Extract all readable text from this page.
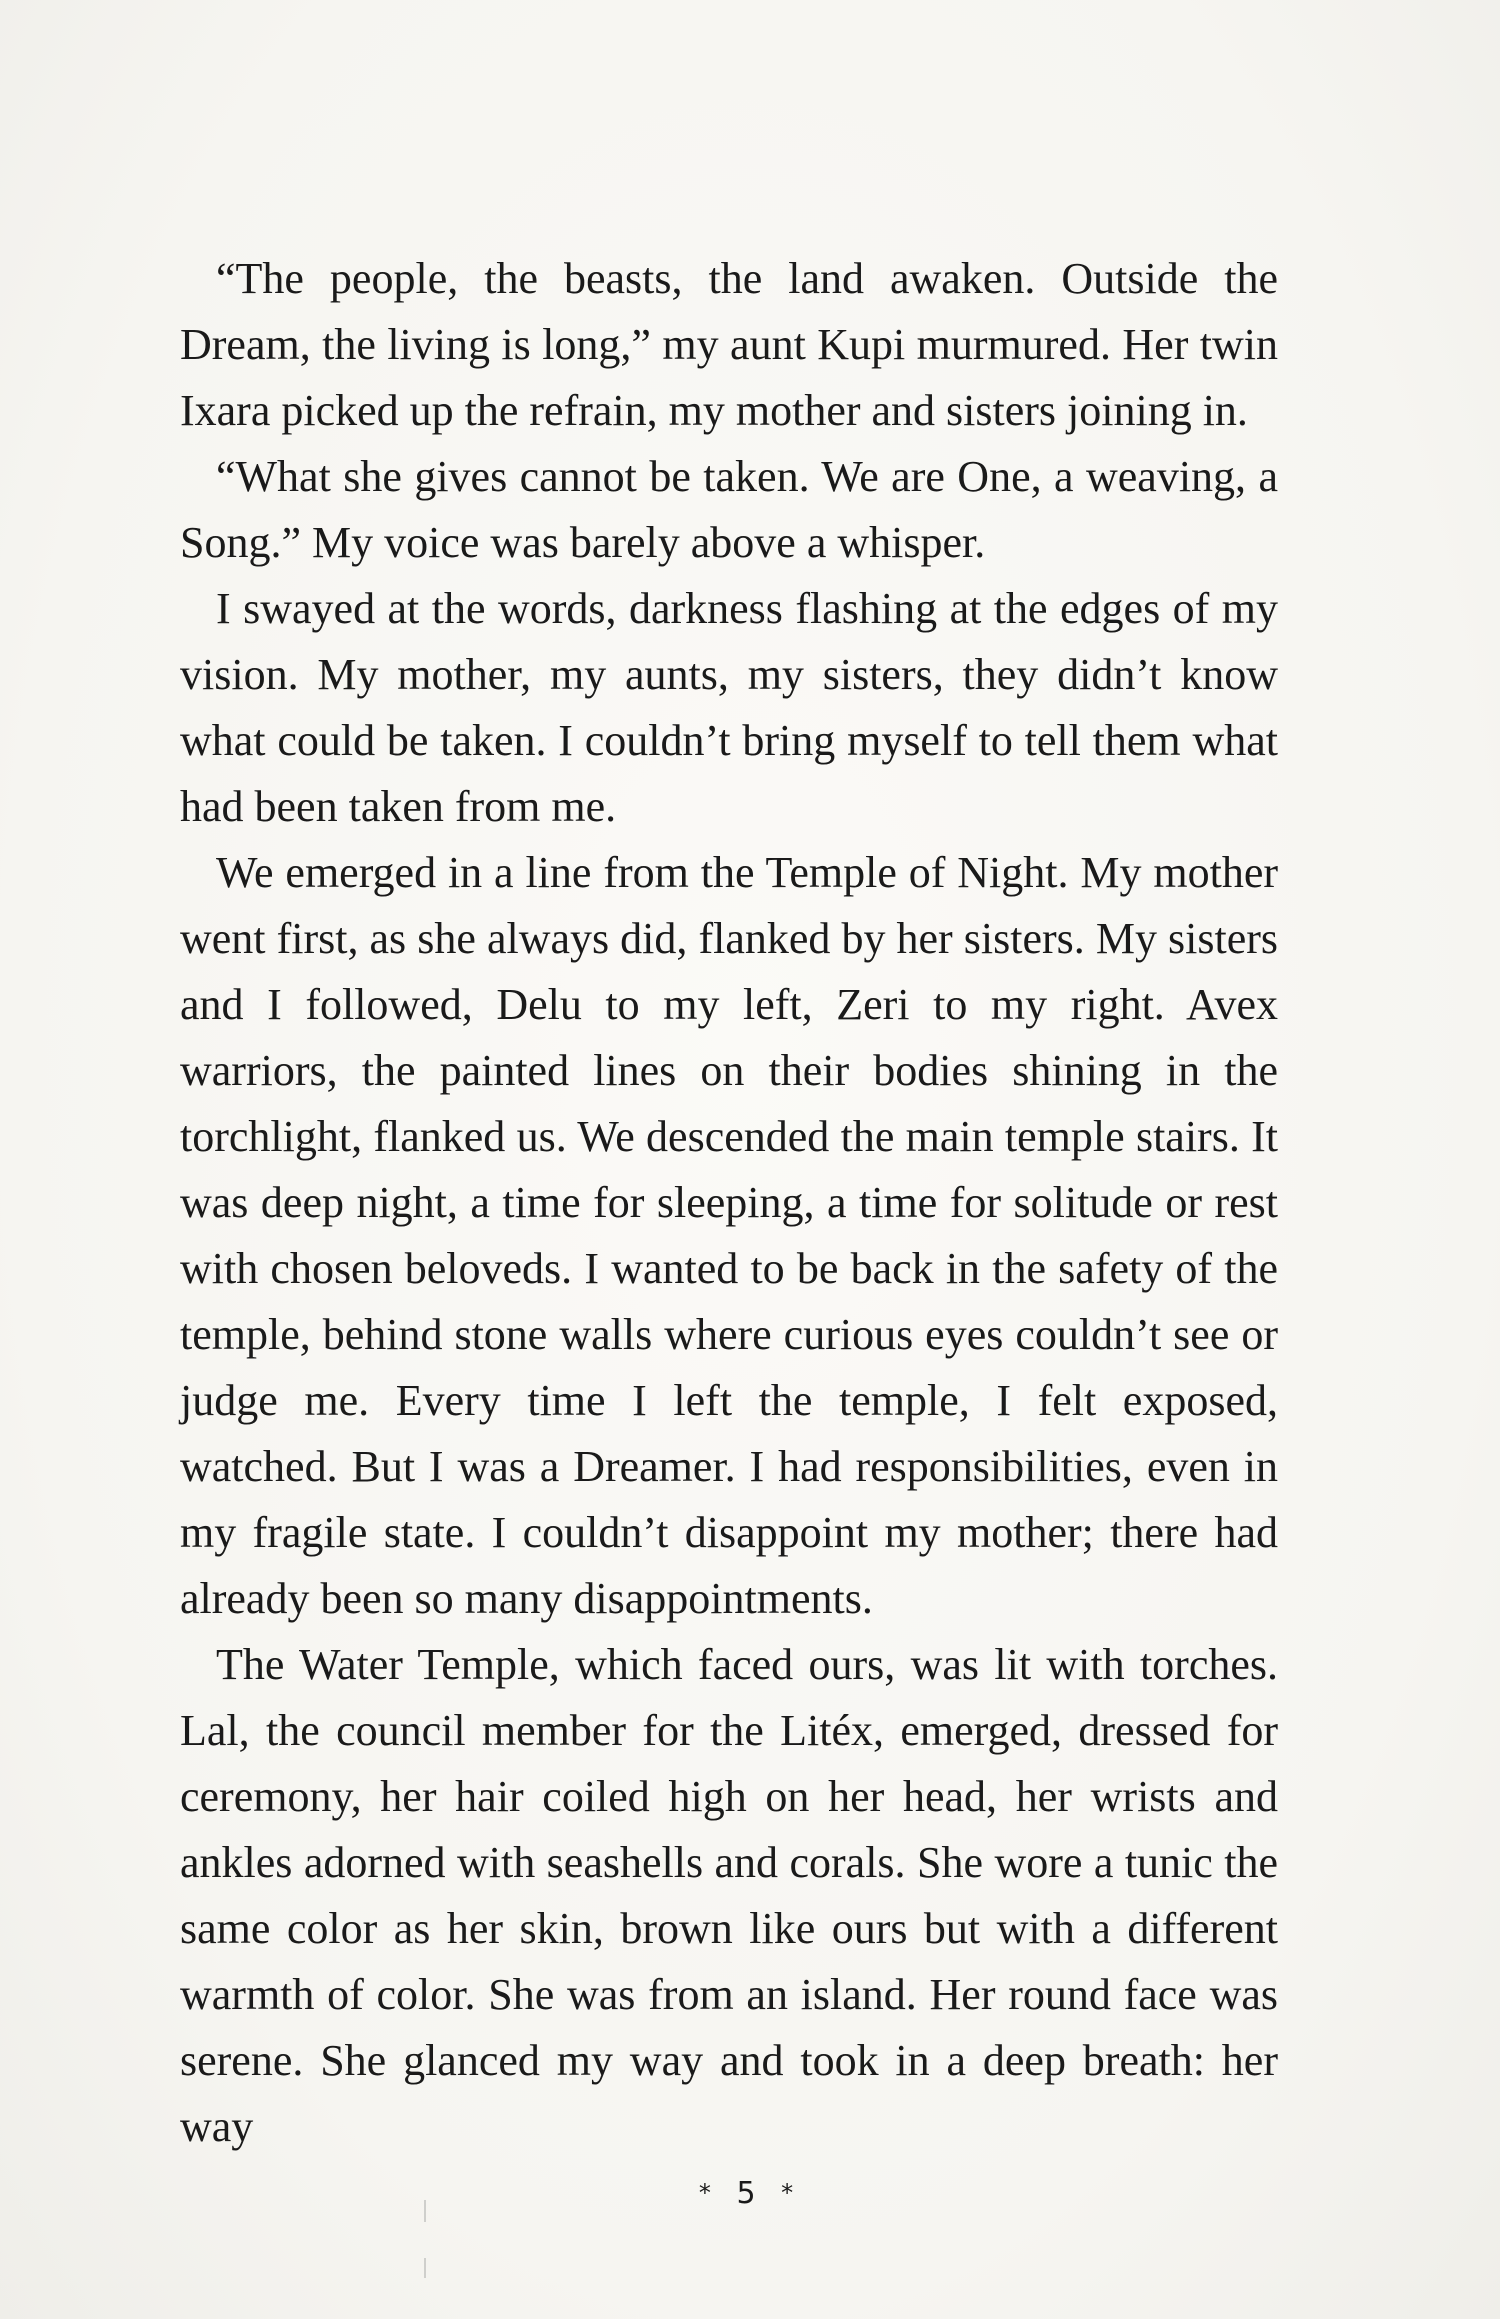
“The people, the beasts, the land awaken. Outside the Dream, the living is long,” my aunt Kupi murmured. Her twin Ixara picked up the refrain, my mother and sisters joining in.

“What she gives cannot be taken. We are One, a weaving, a Song.” My voice was barely above a whisper.

I swayed at the words, darkness flashing at the edges of my vision. My mother, my aunts, my sisters, they didn’t know what could be taken. I couldn’t bring myself to tell them what had been taken from me.

We emerged in a line from the Temple of Night. My mother went first, as she always did, flanked by her sisters. My sisters and I followed, Delu to my left, Zeri to my right. Avex warriors, the painted lines on their bodies shining in the torchlight, flanked us. We descended the main temple stairs. It was deep night, a time for sleeping, a time for solitude or rest with chosen beloveds. I wanted to be back in the safety of the temple, behind stone walls where curious eyes couldn’t see or judge me. Every time I left the temple, I felt exposed, watched. But I was a Dreamer. I had responsibilities, even in my fragile state. I couldn’t disappoint my mother; there had already been so many disappointments.

The Water Temple, which faced ours, was lit with torches. Lal, the council member for the Litéx, emerged, dressed for ceremony, her hair coiled high on her head, her wrists and ankles adorned with seashells and corals. She wore a tunic the same color as her skin, brown like ours but with a different warmth of color. She was from an island. Her round face was serene. She glanced my way and took in a deep breath: her way

* 5 *
